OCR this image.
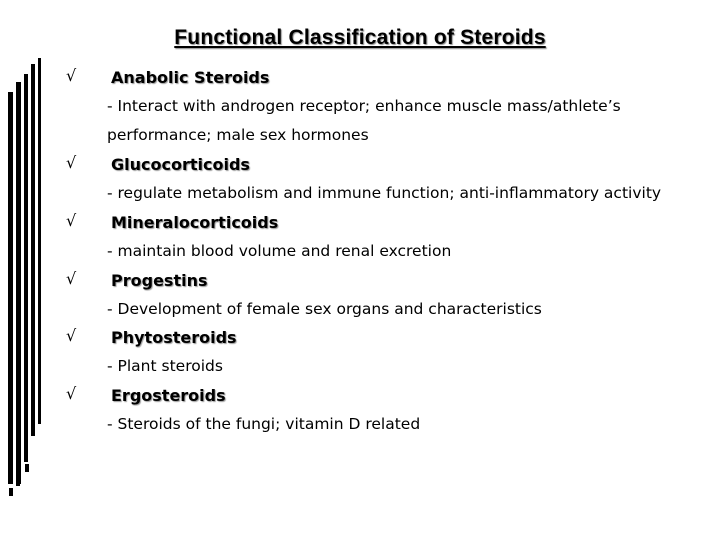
Functional Classification of Steroids
√ Anabolic Steroids
- Interact with androgen receptor; enhance muscle mass/athlete’s performance; male sex hormones
√ Glucocorticoids
- regulate metabolism and immune function; anti-inflammatory activity
√ Mineralocorticoids
- maintain blood volume and renal excretion
√ Progestins
- Development of female sex organs and characteristics
√ Phytosteroids
- Plant steroids
√ Ergosteroids
- Steroids of the fungi; vitamin D related
